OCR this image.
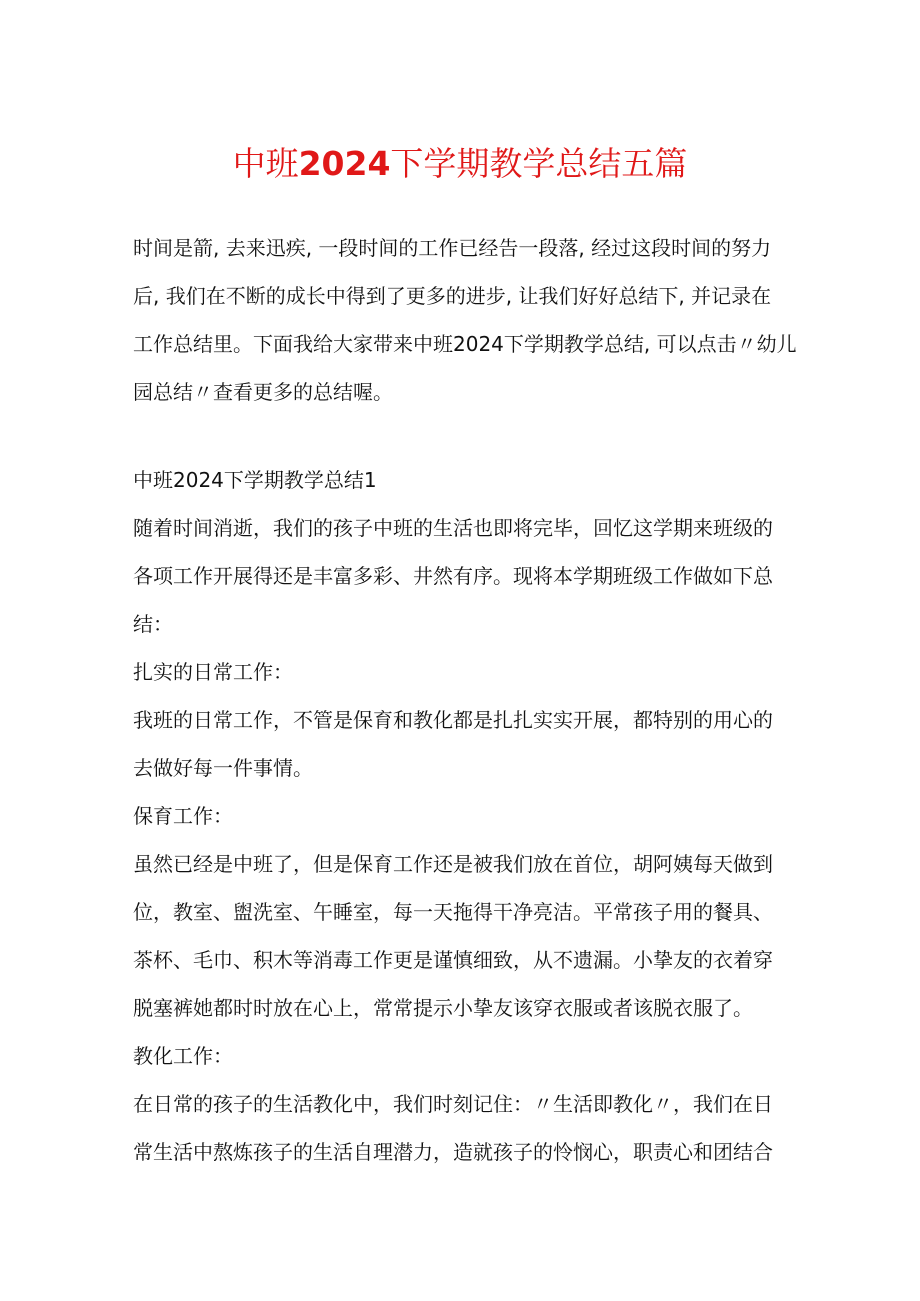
中班2024下学期教学总结五篇

时间是箭, 去来迅疾, 一段时间的工作已经告一段落, 经过这段时间的努力

后, 我们在不断的成长中得到了更多的进步, 让我们好好总结下, 并记录在

工作总结里。下面我给大家带来中班2024下学期教学总结, 可以点击〃幼儿

园总结〃查看更多的总结喔。

中班2024下学期教学总结1

随着时间消逝，我们的孩子中班的生活也即将完毕，回忆这学期来班级的

各项工作开展得还是丰富多彩、井然有序。现将本学期班级工作做如下总

结：

扎实的日常工作：

我班的日常工作，不管是保育和教化都是扎扎实实开展，都特别的用心的

去做好每一件事情。

保育工作：

虽然已经是中班了，但是保育工作还是被我们放在首位，胡阿姨每天做到

位，教室、盥洗室、午睡室，每一天拖得干净亮洁。平常孩子用的餐具、

茶杯、毛巾、积木等消毒工作更是谨慎细致，从不遗漏。小挚友的衣着穿

脱塞裤她都时时放在心上，常常提示小挚友该穿衣服或者该脱衣服了。

教化工作：

在日常的孩子的生活教化中，我们时刻记住：〃生活即教化〃，我们在日

常生活中熬炼孩子的生活自理潜力，造就孩子的怜悯心，职责心和团结合
